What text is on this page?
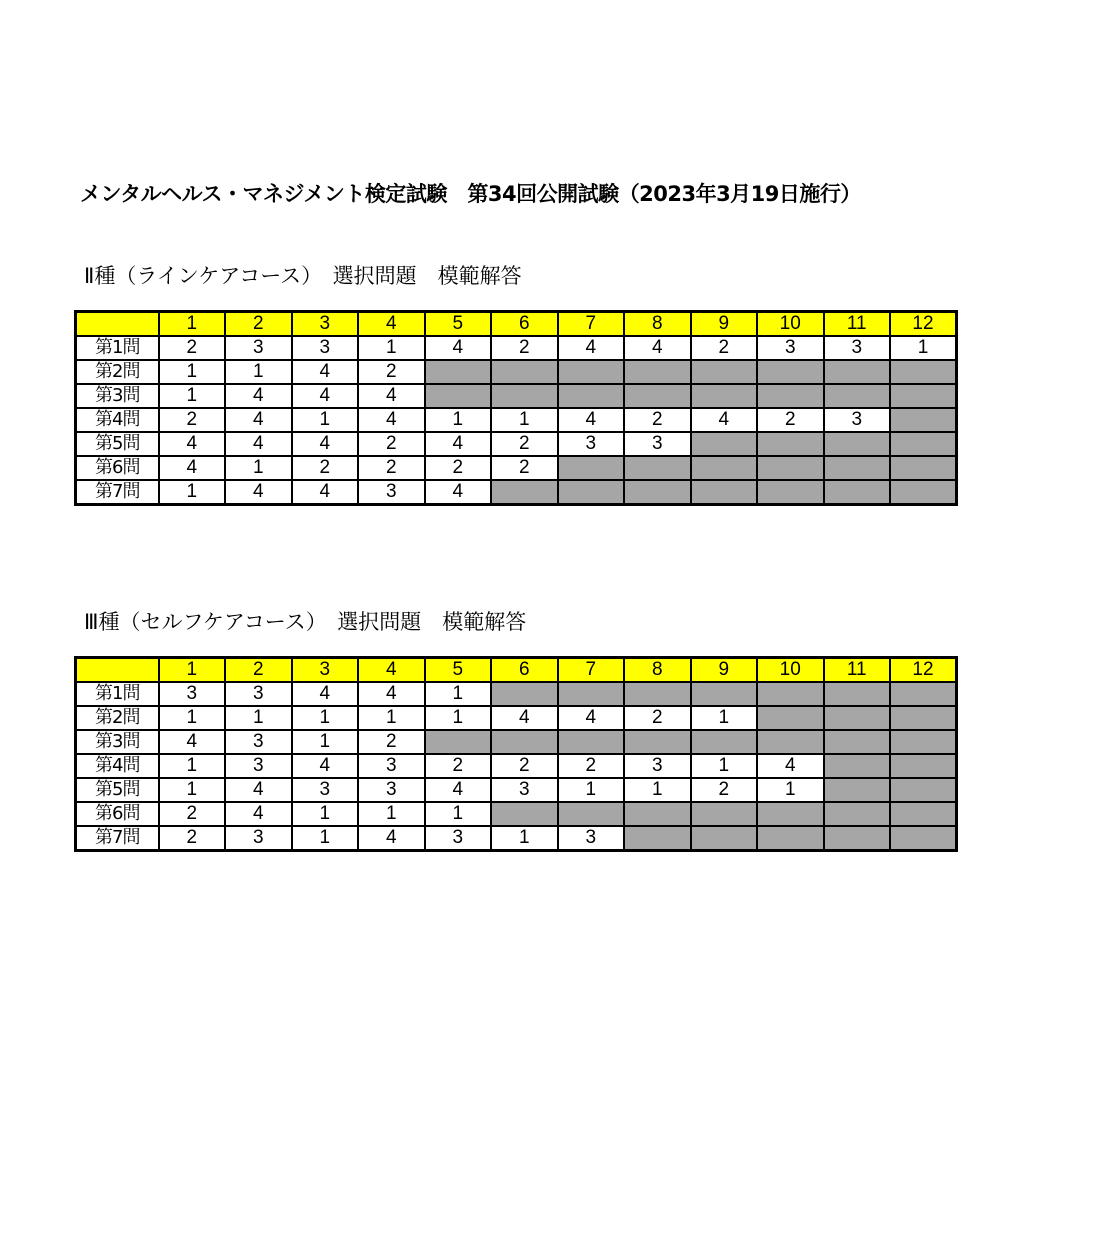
メンタルヘルス・マネジメント検定試験　第34回公開試験（2023年3月19日施行）
Ⅱ種（ラインケアコース）　選択問題　模範解答
	1	2	3	4	5	6	7	8	9	10	11	12
第1問	2	3	3	1	4	2	4	4	2	3	3	1
第2問	1	1	4	2								
第3問	1	4	4	4								
第4問	2	4	1	4	1	1	4	2	4	2	3	
第5問	4	4	4	2	4	2	3	3				
第6問	4	1	2	2	2	2						
第7問	1	4	4	3	4							
Ⅲ種（セルフケアコース）　選択問題　模範解答
	1	2	3	4	5	6	7	8	9	10	11	12
第1問	3	3	4	4	1							
第2問	1	1	1	1	1	4	4	2	1			
第3問	4	3	1	2								
第4問	1	3	4	3	2	2	2	3	1	4		
第5問	1	4	3	3	4	3	1	1	2	1		
第6問	2	4	1	1	1							
第7問	2	3	1	4	3	1	3					
